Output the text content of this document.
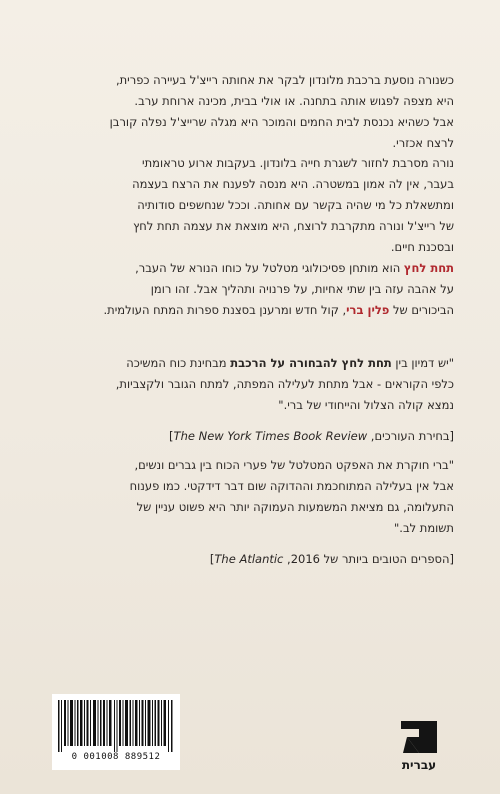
כשנורה נוסעת ברכבת מלונדון לבקר את אחותה רייצ'ל בעיירה כפרית,

היא מצפה לפגוש אותה בתחנה. או אולי בבית, מכינה ארוחת ערב.

אבל כשהיא נכנסת לבית החמים והמוכר היא מגלה שרייצ'ל נפלה קורבן

לרצח אכזרי.

נורה מסרבת לחזור לשגרת חייה בלונדון. בעקבות ארוע טראומתי

בעבר, אין לה אמון במשטרה. היא מנסה לפענח את הרצח בעצמה

ומתשאלת כל מי שהיה בקשר עם אחותה. וככל שנחשפים סודותיה

של רייצ'ל ונורה מתקרבת לרוצח, היא מוצאת את עצמה תחת לחץ

ובסכנת חיים.

תחת לחץ הוא מותחן פסיכולוגי מטלטל על כוחו הנורא של העבר,

על אהבה עזה בין שתי אחיות, על פרנויה ותהליך אבל. זהו רומן

הביכורים של פלין ברי, קול חדש ומרענן בסצנת ספרות המתח העולמית.

"יש דמיון בין תחת לחץ להבחורה על הרכבת מבחינת כוח המשיכה

כלפי הקוראים - אבל מתחת לעלילה המפתה, למתח הגובר ולקצביות,

נמצא קולה הצלול והייחודי של ברי."

[בחירת העורכים, The New York Times Book Review]

"ברי חוקרת את האפקט המטלטל של פערי הכוח בין גברים ונשים,

אבל אין בעלילה המתוחכמת וההדוקה שום דבר דידקטי. כמו פענוח

התעלומה, גם מציאת המשמעות העמוקה יותר היא פשוט עניין של

תשומת לב."

[הספרים הטובים ביותר של 2016, The Atlantic]

0 001008 889512
עברית
